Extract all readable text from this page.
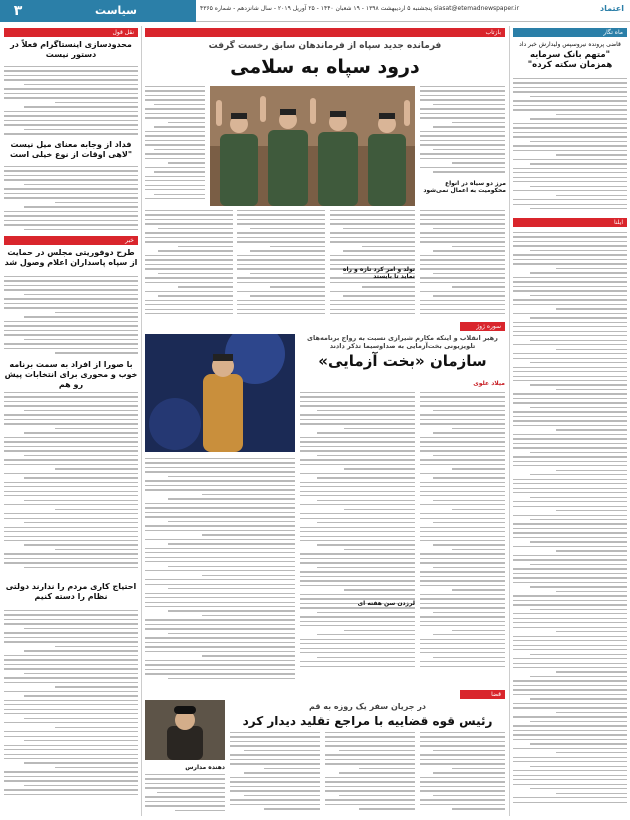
۳	سیاست	siasat@etemadnewspaper.ir پنجشنبه ۵ اردیبهشت ۱۳۹۸ - ۱۹ شعبان ۱۴۴۰ - ۲۵ آوریل ۲۰۱۹ - سال شانزدهم - شماره ۴۳۶۵	اعتماد
ماه تگار
قاضی پرونده نیروسپس ولیدارش خبر داد
"متهم بانک سرمایه همزمان سکته کرده"
ایلنا
بازتاب
فرمانده جدید سپاه از فرماندهان سابق رخست گرفت
درود سپاه به سلامی
مرز دو سیاه در انواع محکومیت به اعمال نمی‌شود
تولد و امر کرد تازه و راه نماید تا بایستد
سوره ژوژ
رهبر انقلاب و اینکه مکارم شیرازی نسبت به رواج برنامه‌های تلویزیونی بخت‌آزمایی به صداوسیما تذکر دادند
سازمان «بخت آزمایی»
میلاد علوی
لرزدن سن هفته ای
قضا
در جریان سفر یک روزه به قم
رئیس قوه قضاییه با مراجع تقلید دیدار کرد
دهنده مدارس
نقل قول
محدودسازی اینستاگرام فعلاً در دستور نیست
فداد از وجابه معنای میل نیست "لاهی اوقات از نوع خیلی است
خبر
طرح دوفوریتی مجلس در حمایت از سپاه پاسداران اعلام وصول شد
با صورا از افراد به سمت برنامه خوب و محوری برای انتخابات پیش رو هم
احتیاج کاری مردم را ندارند دولتی نظام را دسته کنیم
